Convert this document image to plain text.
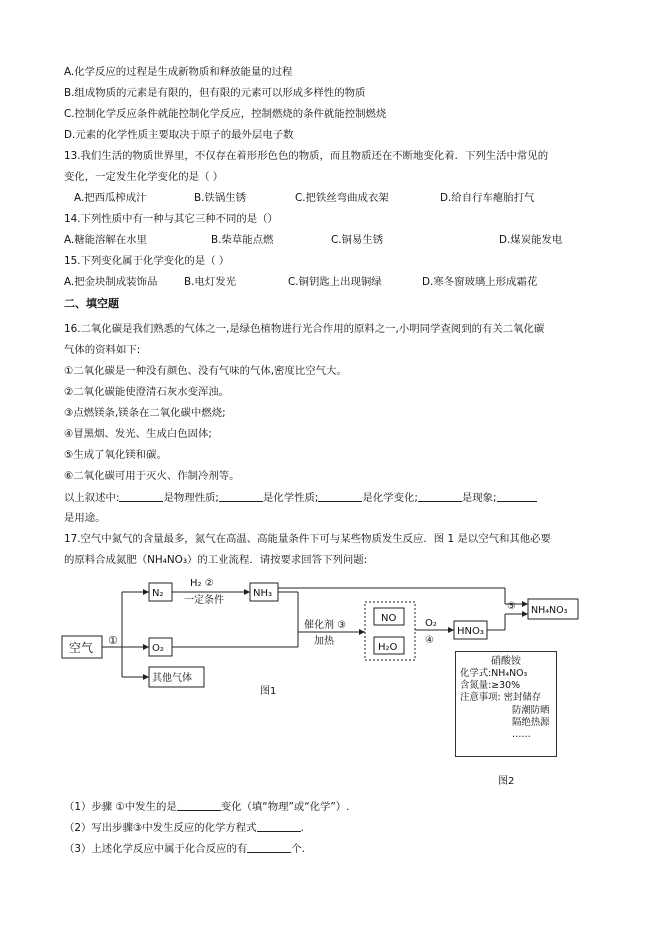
A.化学反应的过程是生成新物质和释放能量的过程
B.组成物质的元素是有限的，但有限的元素可以形成多样性的物质
C.控制化学反应条件就能控制化学反应，控制燃烧的条件就能控制燃烧
D.元素的化学性质主要取决于原子的最外层电子数
13.我们生活的物质世界里，不仅存在着形形色色的物质，而且物质还在不断地变化着．下列生活中常见的
变化，一定发生化学变化的是（ ）
A.把西瓜榨成汁	B.铁锅生锈	C.把铁丝弯曲成衣架	D.给自行车瘪胎打气
14.下列性质中有一种与其它三种不同的是（）
A.糖能溶解在水里	B.柴草能点燃	C.铜易生锈	D.煤炭能发电
15.下列变化属于化学变化的是（ ）
A.把金块制成装饰品	B.电灯发光	C.铜钥匙上出现铜绿	D.寒冬窗玻璃上形成霜花
二、填空题
16.二氧化碳是我们熟悉的气体之一,是绿色植物进行光合作用的原料之一,小明同学查阅到的有关二氧化碳
气体的资料如下:
①二氧化碳是一种没有颜色、没有气味的气体,密度比空气大。
②二氧化碳能使澄清石灰水变浑浊。
③点燃镁条,镁条在二氧化碳中燃烧;
④冒黑烟、发光、生成白色固体;
⑤生成了氧化镁和碳。
⑥二氧化碳可用于灭火、作制冷剂等。
以上叙述中:	是物理性质;	是化学性质;	是化学变化;	是现象;
是用途。
17.空气中氮气的含量最多，氮气在高温、高能量条件下可与某些物质发生反应．图 1 是以空气和其他必要
的原料合成氮肥（NH₄NO₃）的工业流程．请按要求回答下列问题:
空气
①
N₂
O₂
其他气体
H₂ ②
一定条件
NH₃
催化剂 ③
加热
NO
H₂O
O₂
④
HNO₃
⑤ NH₄NO₃
图1
硝酸铵
化学式:NH₄NO₃
含氮量:≥30%
注意事项: 密封储存
防潮防晒
隔绝热源
……
图2
（1）步骤 ①中发生的是	变化（填“物理”或“化学”）.
（2）写出步骤③中发生反应的化学方程式	.
（3）上述化学反应中属于化合反应的有	个.
